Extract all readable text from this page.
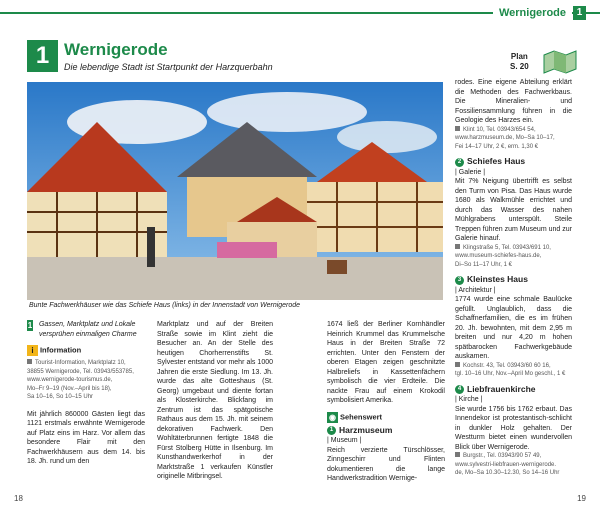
Wernigerode	1
1 Wernigerode
Die lebendige Stadt ist Startpunkt der Harzquerbahn
Plan
S. 20
Bunte Fachwerkhäuser wie das Schiefe Haus (links) in der Innenstadt von Wernigerode
1 Gassen, Marktplatz und Lokale versprühen einmaligen Charme
i Information
Tourist-Information, Marktplatz 10,
38855 Wernigerode, Tel. 03943/553785,
www.wernigerode-tourismus.de,
Mo–Fr 9–19 (Nov.–April bis 18),
Sa 10–16, So 10–15 Uhr
Mit jährlich 860000 Gästen liegt das 1121 erstmals erwähnte Wernigerode auf Platz eins im Harz. Vor allem das besondere Flair mit den Fachwerkhäusern aus dem 14. bis 18. Jh. rund um den
Marktplatz und auf der Breiten Straße sowie im Klint zieht die Besucher an. An der Stelle des heutigen Chorherrenstifts St. Sylvester entstand vor mehr als 1000 Jahren die erste Siedlung. Im 13. Jh. wurde das alte Gotteshaus (St. Georg) umgebaut und diente fortan als Klosterkirche. Blickfang im Zentrum ist das spätgotische Rathaus aus dem 15. Jh. mit seinem dekorativen Fachwerk. Den Wohltäterbrunnen fertigte 1848 die Fürst Stolberg Hütte in Ilsenburg. Im Kunsthandwerkerhof in der Marktstraße 1 verkaufen Künstler originelle Mitbringsel.
1674 ließ der Berliner Kornhändler Heinrich Krummel das Krummelsche Haus in der Breiten Straße 72 errichten. Unter den Fenstern der oberen Etagen zeigen geschnitzte Halbreliefs in Kassettenfächern symbolisch die vier Erdteile. Die nackte Frau auf einem Krokodil symbolisiert Amerika.
◉ Sehenswert
1 Harzmuseum
| Museum |
Reich verzierte Türschlösser, Zinngeschirr und Flinten dokumentieren die lange Handwerkstradition Wernige-
rodes. Eine eigene Abteilung erklärt die Methoden des Fachwerkbaus. Die Mineralien- und Fossiliensammlung führen in die Geologie des Harzes ein.
Klint 10, Tel. 03943/654 54,
www.harzmuseum.de, Mo–Sa 10–17,
Fei 14–17 Uhr, 2 €, erm. 1,30 €
2 Schiefes Haus
| Galerie |
Mit 7% Neigung übertrifft es selbst den Turm von Pisa. Das Haus wurde 1680 als Walkmühle errichtet und durch das Wasser des nahen Mühlgrabens unterspült. Steile Treppen führen zum Museum und zur Galerie hinauf.
Klingstraße 5, Tel. 03943/691 10,
www.museum-schiefes-haus.de,
Di–So 11–17 Uhr, 1 €
3 Kleinstes Haus
| Architektur |
1774 wurde eine schmale Baulücke gefüllt. Unglaublich, dass die Schaffnerfamilien, die es im frühen 20. Jh. bewohnten, mit dem 2,95 m breiten und nur 4,20 m hohen spätbarocken Fachwerkgebäude auskamen.
Kochstr. 43, Tel. 03943/60 60 16,
tgl. 10–16 Uhr, Nov.–April Mo geschl., 1 €
4 Liebfrauenkirche
| Kirche |
Sie wurde 1756 bis 1762 erbaut. Das Innendekor ist protestantisch-schlicht in dunkler Holz gehalten. Der Westturm bietet einen wundervollen Blick über Wernigerode.
Burgstr., Tel. 03943/90 57 49,
www.sylvestri-liebfrauen-wernigerode.
de, Mo–Sa 10.30–12.30, So 14–16 Uhr
18	19
